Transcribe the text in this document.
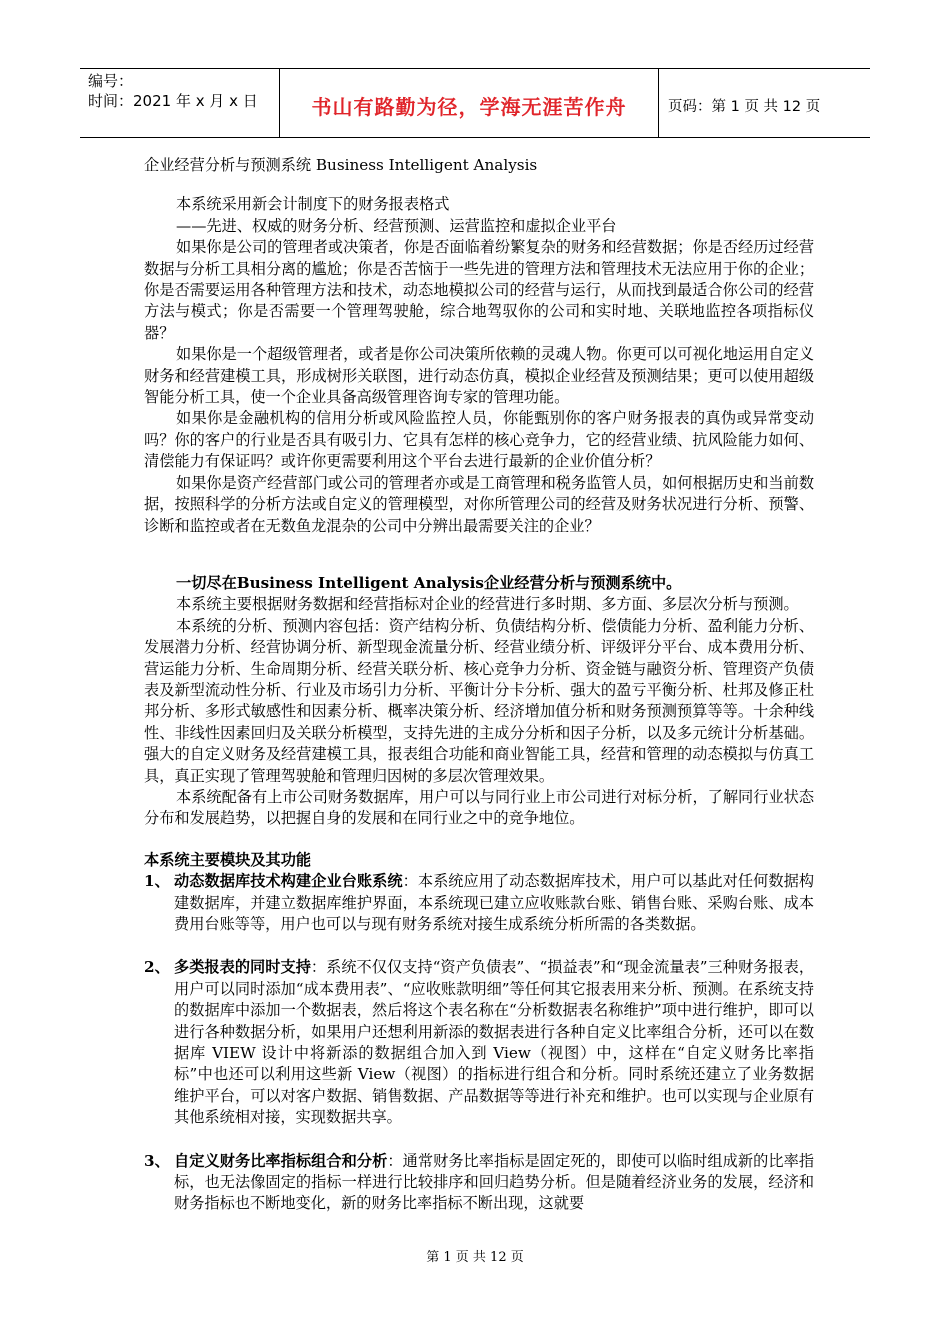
编号：
时间：2021 年 x 月 x 日	书山有路勤为径，学海无涯苦作舟	页码：第 1 页 共 12 页

企业经营分析与预测系统 Business Intelligent Analysis

本系统采用新会计制度下的财务报表格式

——先进、权威的财务分析、经营预测、运营监控和虚拟企业平台

如果你是公司的管理者或决策者，你是否面临着纷繁复杂的财务和经营数据；你是否经历过经营数据与分析工具相分离的尴尬；你是否苦恼于一些先进的管理方法和管理技术无法应用于你的企业；你是否需要运用各种管理方法和技术，动态地模拟公司的经营与运行，从而找到最适合你公司的经营方法与模式；你是否需要一个管理驾驶舱，综合地驾驭你的公司和实时地、关联地监控各项指标仪器？

如果你是一个超级管理者，或者是你公司决策所依赖的灵魂人物。你更可以可视化地运用自定义财务和经营建模工具，形成树形关联图，进行动态仿真，模拟企业经营及预测结果；更可以使用超级智能分析工具，使一个企业具备高级管理咨询专家的管理功能。

如果你是金融机构的信用分析或风险监控人员，你能甄别你的客户财务报表的真伪或异常变动吗？你的客户的行业是否具有吸引力、它具有怎样的核心竞争力，它的经营业绩、抗风险能力如何、清偿能力有保证吗？或许你更需要利用这个平台去进行最新的企业价值分析？

如果你是资产经营部门或公司的管理者亦或是工商管理和税务监管人员，如何根据历史和当前数据，按照科学的分析方法或自定义的管理模型，对你所管理公司的经营及财务状况进行分析、预警、诊断和监控或者在无数鱼龙混杂的公司中分辨出最需要关注的企业？

一切尽在Business Intelligent Analysis企业经营分析与预测系统中。

本系统主要根据财务数据和经营指标对企业的经营进行多时期、多方面、多层次分析与预测。

本系统的分析、预测内容包括：资产结构分析、负债结构分析、偿债能力分析、盈利能力分析、发展潜力分析、经营协调分析、新型现金流量分析、经营业绩分析、评级评分平台、成本费用分析、营运能力分析、生命周期分析、经营关联分析、核心竞争力分析、资金链与融资分析、管理资产负债表及新型流动性分析、行业及市场引力分析、平衡计分卡分析、强大的盈亏平衡分析、杜邦及修正杜邦分析、多形式敏感性和因素分析、概率决策分析、经济增加值分析和财务预测预算等等。十余种线性、非线性因素回归及关联分析模型，支持先进的主成分分析和因子分析，以及多元统计分析基础。强大的自定义财务及经营建模工具，报表组合功能和商业智能工具，经营和管理的动态模拟与仿真工具，真正实现了管理驾驶舱和管理归因树的多层次管理效果。

本系统配备有上市公司财务数据库，用户可以与同行业上市公司进行对标分析，了解同行业状态分布和发展趋势，以把握自身的发展和在同行业之中的竞争地位。

本系统主要模块及其功能

1、 动态数据库技术构建企业台账系统：本系统应用了动态数据库技术，用户可以基此对任何数据构建数据库，并建立数据库维护界面，本系统现已建立应收账款台账、销售台账、采购台账、成本费用台账等等，用户也可以与现有财务系统对接生成系统分析所需的各类数据。
2、 多类报表的同时支持：系统不仅仅支持“资产负债表”、“损益表”和“现金流量表”三种财务报表，用户可以同时添加“成本费用表”、“应收账款明细”等任何其它报表用来分析、预测。在系统支持的数据库中添加一个数据表，然后将这个表名称在“分析数据表名称维护”项中进行维护，即可以进行各种数据分析，如果用户还想利用新添的数据表进行各种自定义比率组合分析，还可以在数据库 VIEW 设计中将新添的数据组合加入到 View（视图）中，这样在“自定义财务比率指标”中也还可以利用这些新 View（视图）的指标进行组合和分析。同时系统还建立了业务数据维护平台，可以对客户数据、销售数据、产品数据等等进行补充和维护。也可以实现与企业原有其他系统相对接，实现数据共享。
3、 自定义财务比率指标组合和分析：通常财务比率指标是固定死的，即使可以临时组成新的比率指标，也无法像固定的指标一样进行比较排序和回归趋势分析。但是随着经济业务的发展，经济和财务指标也不断地变化，新的财务比率指标不断出现，这就要
第 1 页 共 12 页
